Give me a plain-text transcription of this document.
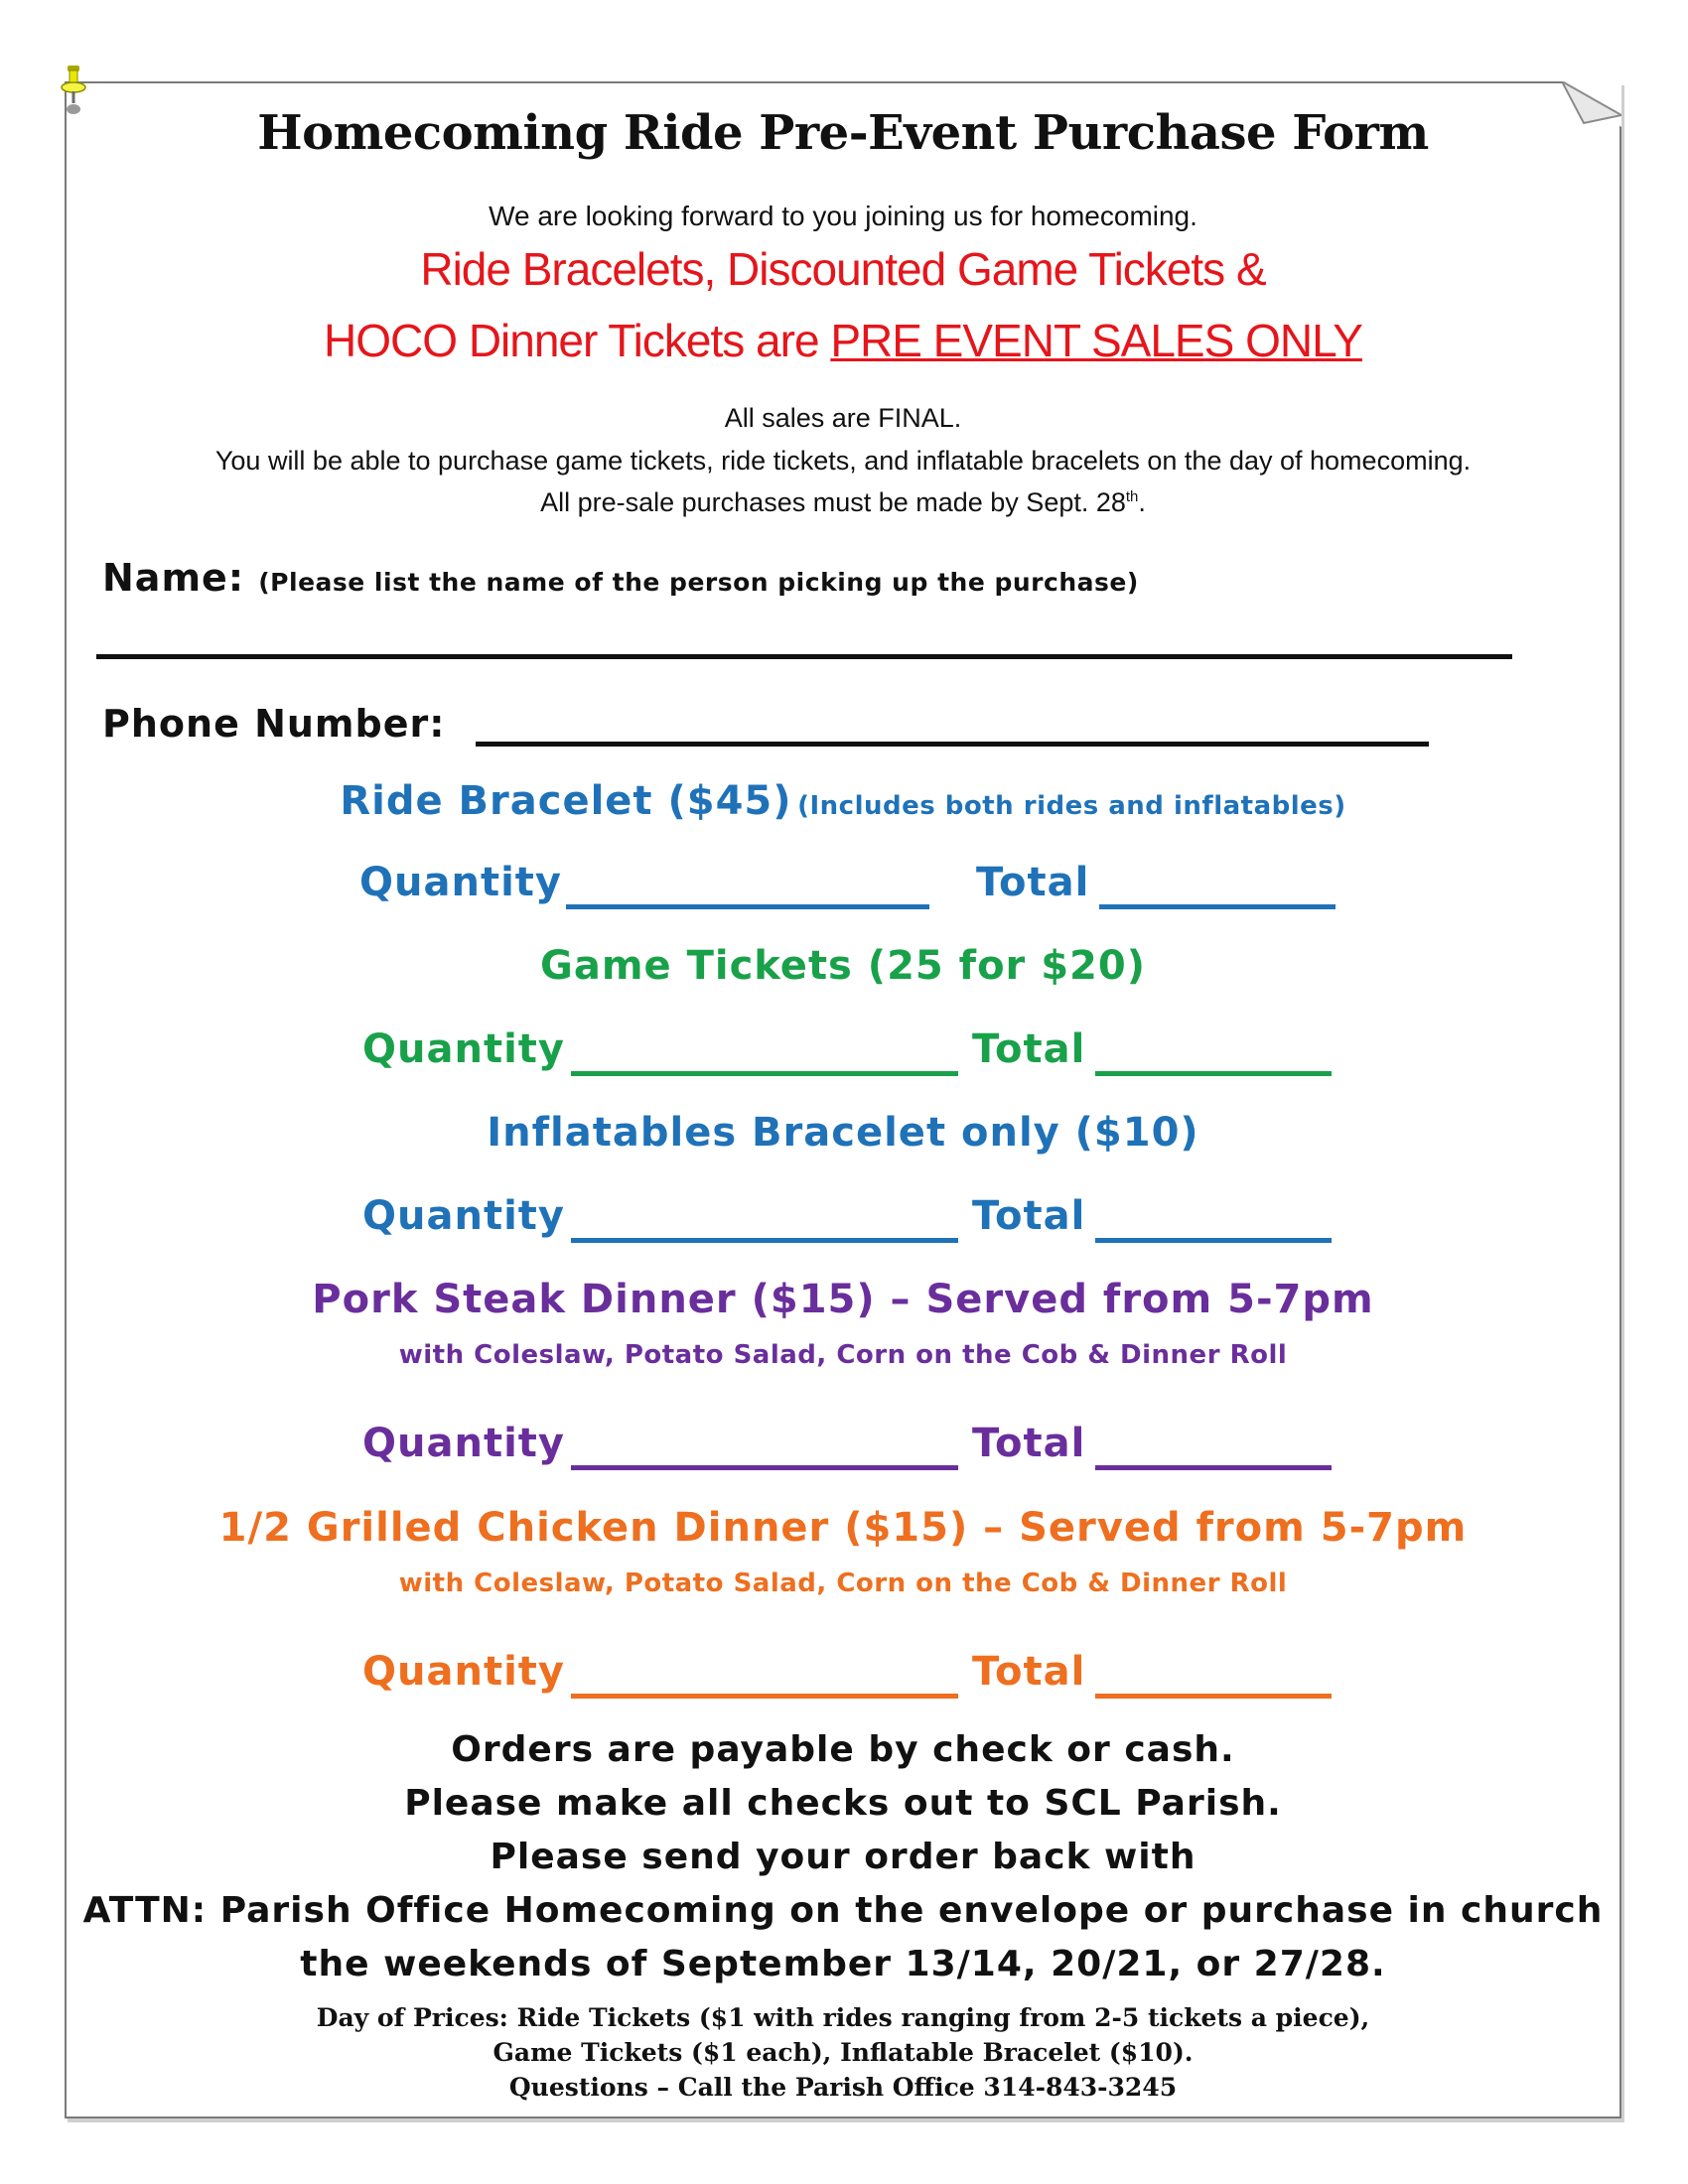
Homecoming Ride Pre-Event Purchase Form
We are looking forward to you joining us for homecoming.
Ride Bracelets, Discounted Game Tickets &
HOCO Dinner Tickets are PRE EVENT SALES ONLY
All sales are FINAL.
You will be able to purchase game tickets, ride tickets, and inflatable bracelets on the day of homecoming.
All pre-sale purchases must be made by Sept. 28th.
Name: (Please list the name of the person picking up the purchase)
Phone Number:
Ride Bracelet ($45) (Includes both rides and inflatables)
Quantity	Total
Game Tickets (25 for $20)
Quantity	Total
Inflatables Bracelet only ($10)
Quantity	Total
Pork Steak Dinner ($15) – Served from 5-7pm
with Coleslaw, Potato Salad, Corn on the Cob & Dinner Roll
Quantity	Total
1/2 Grilled Chicken Dinner ($15) – Served from 5-7pm
with Coleslaw, Potato Salad, Corn on the Cob & Dinner Roll
Quantity	Total
Orders are payable by check or cash.
Please make all checks out to SCL Parish.
Please send your order back with
ATTN: Parish Office Homecoming on the envelope or purchase in church
the weekends of September 13/14, 20/21, or 27/28.
Day of Prices: Ride Tickets ($1 with rides ranging from 2-5 tickets a piece),
Game Tickets ($1 each), Inflatable Bracelet ($10).
Questions – Call the Parish Office 314-843-3245
